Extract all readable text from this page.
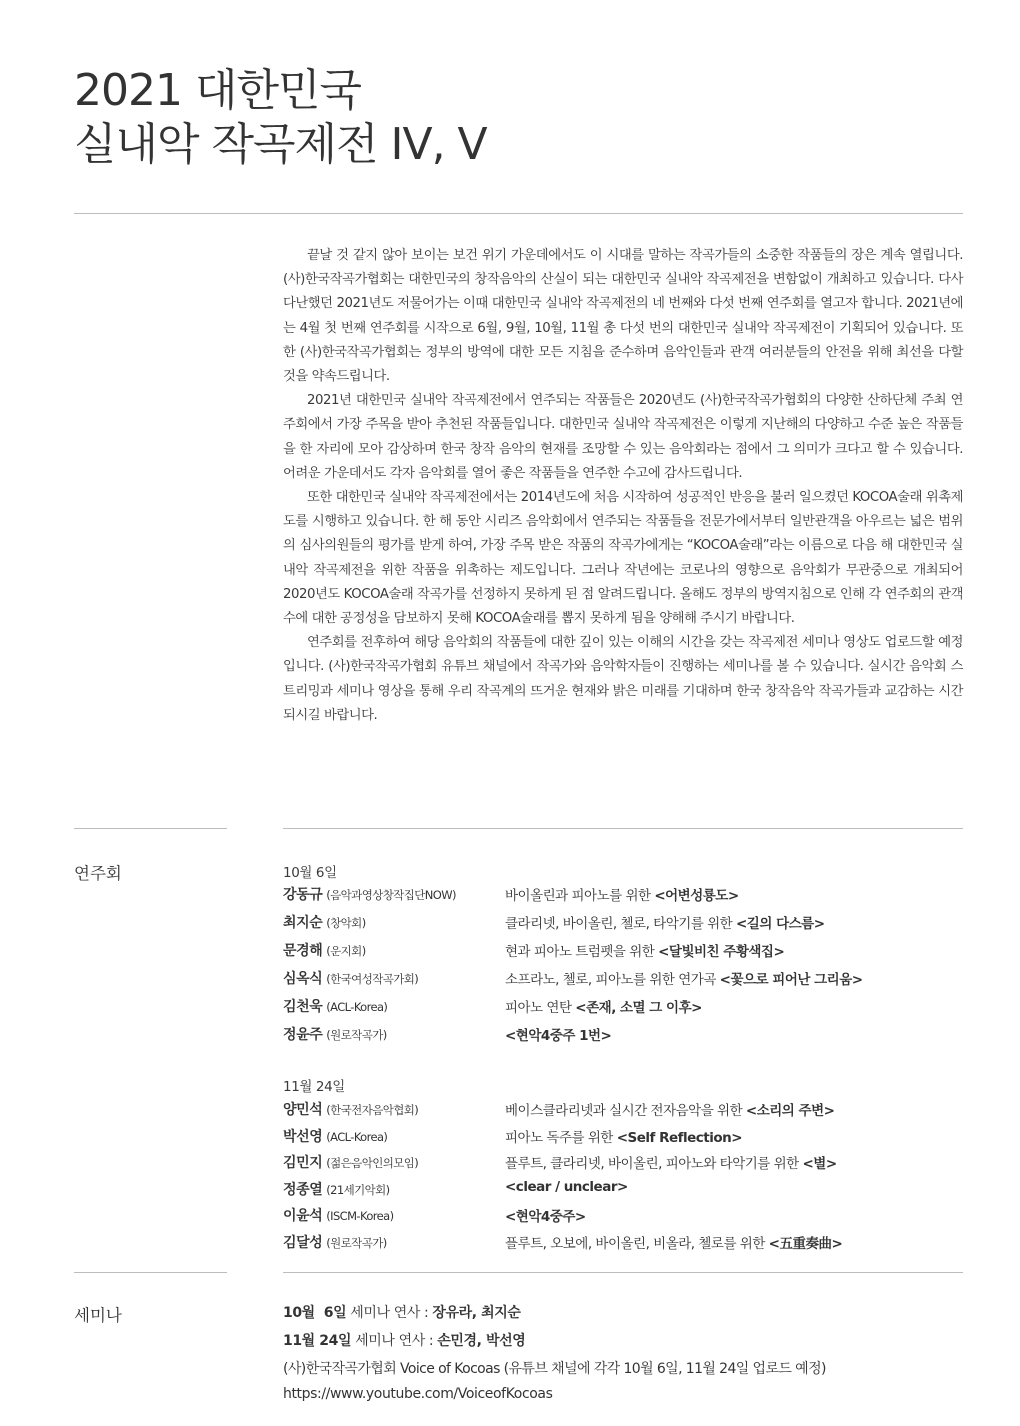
2021 대한민국
실내악 작곡제전 IV, V

끝날 것 같지 않아 보이는 보건 위기 가운데에서도 이 시대를 말하는 작곡가들의 소중한 작품들의 장은 계속 열립니다. (사)한국작곡가협회는 대한민국의 창작음악의 산실이 되는 대한민국 실내악 작곡제전을 변함없이 개최하고 있습니다. 다사다난했던 2021년도 저물어가는 이때 대한민국 실내악 작곡제전의 네 번째와 다섯 번째 연주회를 열고자 합니다. 2021년에는 4월 첫 번째 연주회를 시작으로 6월, 9월, 10월, 11월 총 다섯 번의 대한민국 실내악 작곡제전이 기획되어 있습니다. 또한 (사)한국작곡가협회는 정부의 방역에 대한 모든 지침을 준수하며 음악인들과 관객 여러분들의 안전을 위해 최선을 다할 것을 약속드립니다.

2021년 대한민국 실내악 작곡제전에서 연주되는 작품들은 2020년도 (사)한국작곡가협회의 다양한 산하단체 주최 연주회에서 가장 주목을 받아 추천된 작품들입니다. 대한민국 실내악 작곡제전은 이렇게 지난해의 다양하고 수준 높은 작품들을 한 자리에 모아 감상하며 한국 창작 음악의 현재를 조망할 수 있는 음악회라는 점에서 그 의미가 크다고 할 수 있습니다. 어려운 가운데서도 각자 음악회를 열어 좋은 작품들을 연주한 수고에 감사드립니다.

또한 대한민국 실내악 작곡제전에서는 2014년도에 처음 시작하여 성공적인 반응을 불러 일으켰던 KOCOA술래 위촉제도를 시행하고 있습니다. 한 해 동안 시리즈 음악회에서 연주되는 작품들을 전문가에서부터 일반관객을 아우르는 넓은 범위의 심사의원들의 평가를 받게 하여, 가장 주목 받은 작품의 작곡가에게는 “KOCOA술래”라는 이름으로 다음 해 대한민국 실내악 작곡제전을 위한 작품을 위촉하는 제도입니다. 그러나 작년에는 코로나의 영향으로 음악회가 무관중으로 개최되어 2020년도 KOCOA술래 작곡가를 선정하지 못하게 된 점 알려드립니다. 올해도 정부의 방역지침으로 인해 각 연주회의 관객 수에 대한 공정성을 담보하지 못해 KOCOA술래를 뽑지 못하게 됨을 양해해 주시기 바랍니다.

연주회를 전후하여 해당 음악회의 작품들에 대한 깊이 있는 이해의 시간을 갖는 작곡제전 세미나 영상도 업로드할 예정입니다. (사)한국작곡가협회 유튜브 채널에서 작곡가와 음악학자들이 진행하는 세미나를 볼 수 있습니다. 실시간 음악회 스트리밍과 세미나 영상을 통해 우리 작곡계의 뜨거운 현재와 밝은 미래를 기대하며 한국 창작음악 작곡가들과 교감하는 시간되시길 바랍니다.

연주회	10월 6일
강동규 (음악과영상창작집단NOW)	바이올린과 피아노를 위한 <어변성룡도>
최지순 (창악회)	클라리넷, 바이올린, 첼로, 타악기를 위한 <길의 다스름>
문경해 (운지회)	현과 피아노 트럼펫을 위한 <달빛비친 주황색집>
심옥식 (한국여성작곡가회)	소프라노, 첼로, 피아노를 위한 연가곡 <꽃으로 피어난 그리움>
김천욱 (ACL-Korea)	피아노 연탄 <존재, 소멸 그 이후>
정윤주 (원로작곡가)	<현악4중주 1번>
11월 24일
양민석 (한국전자음악협회)	베이스클라리넷과 실시간 전자음악을 위한 <소리의 주변>
박선영 (ACL-Korea)	피아노 독주를 위한 <Self Reflection>
김민지 (젊은음악인의모임)	플루트, 클라리넷, 바이올린, 피아노와 타악기를 위한 <별>
정종열 (21세기악회)	<clear / unclear>
이윤석 (ISCM-Korea)	<현악4중주>
김달성 (원로작곡가)	플루트, 오보에, 바이올린, 비올라, 첼로를 위한 <五重奏曲>
세미나	10월  6일 세미나 연사 : 장유라, 최지순
11월 24일 세미나 연사 : 손민경, 박선영
(사)한국작곡가협회 Voice of Kocoas (유튜브 채널에 각각 10월 6일, 11월 24일 업로드 예정)
https://www.youtube.com/VoiceofKocoas
